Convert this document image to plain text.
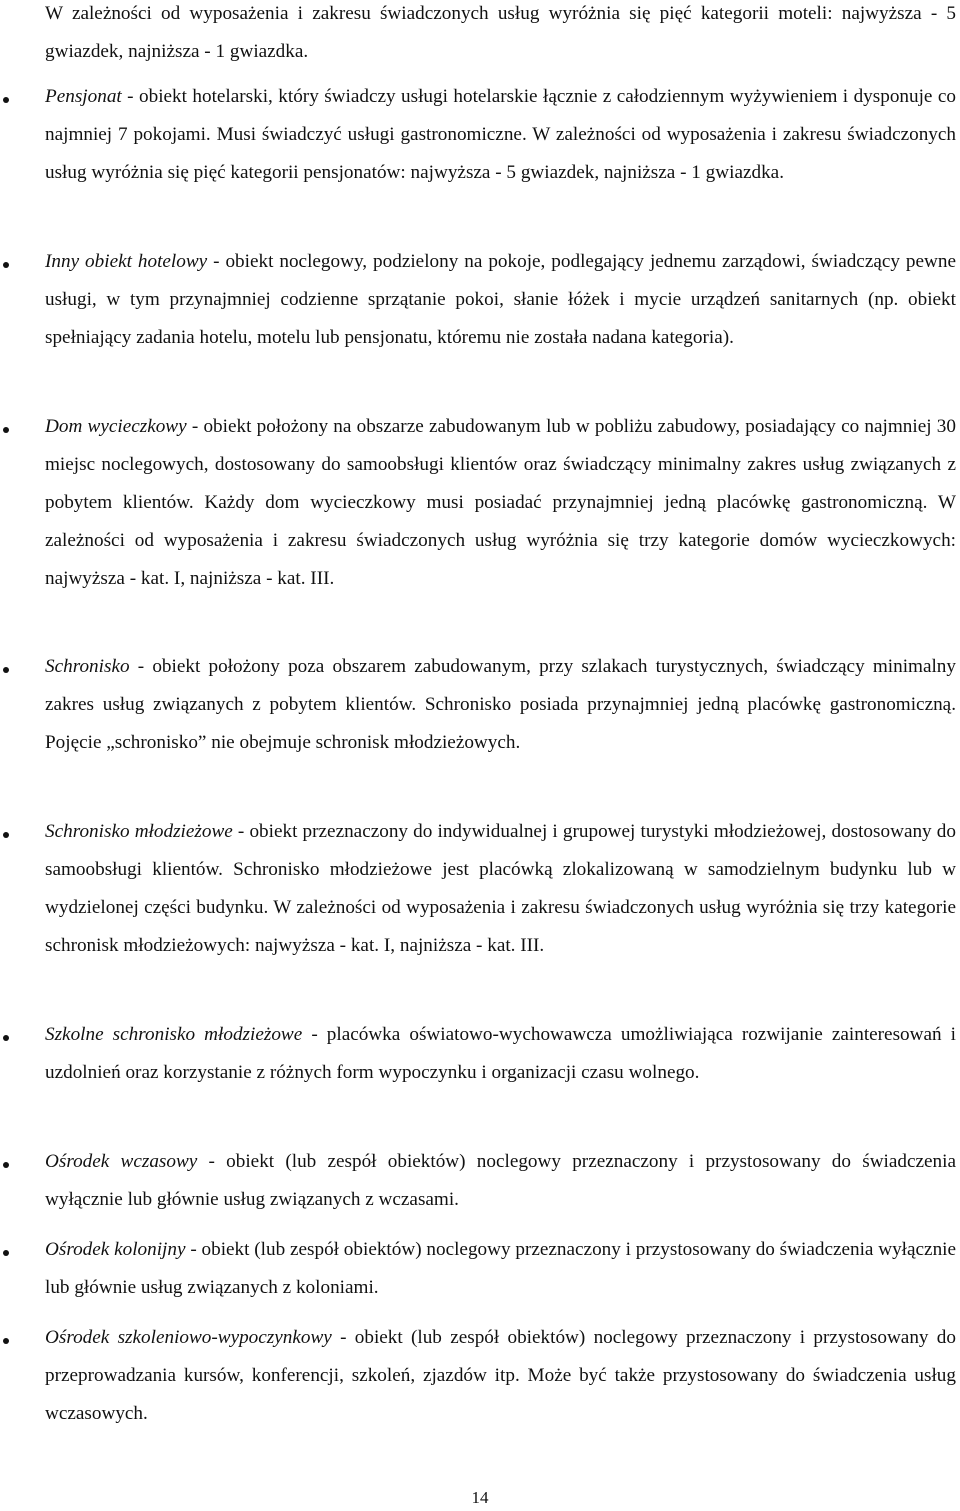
W zależności od wyposażenia i zakresu świadczonych usług wyróżnia się pięć kategorii moteli: najwyższa - 5 gwiazdek, najniższa - 1 gwiazdka.

Pensjonat - obiekt hotelarski, który świadczy usługi hotelarskie łącznie z całodziennym wyżywieniem i dysponuje co najmniej 7 pokojami. Musi świadczyć usługi gastronomiczne. W zależności od wyposażenia i zakresu świadczonych usług wyróżnia się pięć kategorii pensjonatów: najwyższa - 5 gwiazdek, najniższa - 1 gwiazdka.

Inny obiekt hotelowy - obiekt noclegowy, podzielony na pokoje, podlegający jednemu zarządowi, świadczący pewne usługi, w tym przynajmniej codzienne sprzątanie pokoi, słanie łóżek i mycie urządzeń sanitarnych (np. obiekt spełniający zadania hotelu, motelu lub pensjonatu, któremu nie została nadana kategoria).

Dom wycieczkowy - obiekt położony na obszarze zabudowanym lub w pobliżu zabudowy, posiadający co najmniej 30 miejsc noclegowych, dostosowany do samoobsługi klientów oraz świadczący minimalny zakres usług związanych z pobytem klientów. Każdy dom wycieczkowy musi posiadać przynajmniej jedną placówkę gastronomiczną. W zależności od wyposażenia i zakresu świadczonych usług wyróżnia się trzy kategorie domów wycieczkowych: najwyższa - kat. I, najniższa - kat. III.

Schronisko - obiekt położony poza obszarem zabudowanym, przy szlakach turystycznych, świadczący minimalny zakres usług związanych z pobytem klientów. Schronisko posiada przynajmniej jedną placówkę gastronomiczną. Pojęcie „schronisko” nie obejmuje schronisk młodzieżowych.

Schronisko młodzieżowe - obiekt przeznaczony do indywidualnej i grupowej turystyki młodzieżowej, dostosowany do samoobsługi klientów. Schronisko młodzieżowe jest placówką zlokalizowaną w samodzielnym budynku lub w wydzielonej części budynku. W zależności od wyposażenia i zakresu świadczonych usług wyróżnia się trzy kategorie schronisk młodzieżowych: najwyższa - kat. I, najniższa - kat. III.

Szkolne schronisko młodzieżowe - placówka oświatowo-wychowawcza umożliwiająca rozwijanie zainteresowań i uzdolnień oraz korzystanie z różnych form wypoczynku i organizacji czasu wolnego.

Ośrodek wczasowy - obiekt (lub zespół obiektów) noclegowy przeznaczony i przystosowany do świadczenia wyłącznie lub głównie usług związanych z wczasami.

Ośrodek kolonijny - obiekt (lub zespół obiektów) noclegowy przeznaczony i przystosowany do świadczenia wyłącznie lub głównie usług związanych z koloniami.

Ośrodek szkoleniowo-wypoczynkowy - obiekt (lub zespół obiektów) noclegowy przeznaczony i przystosowany do przeprowadzania kursów, konferencji, szkoleń, zjazdów itp. Może być także przystosowany do świadczenia usług wczasowych.

14
